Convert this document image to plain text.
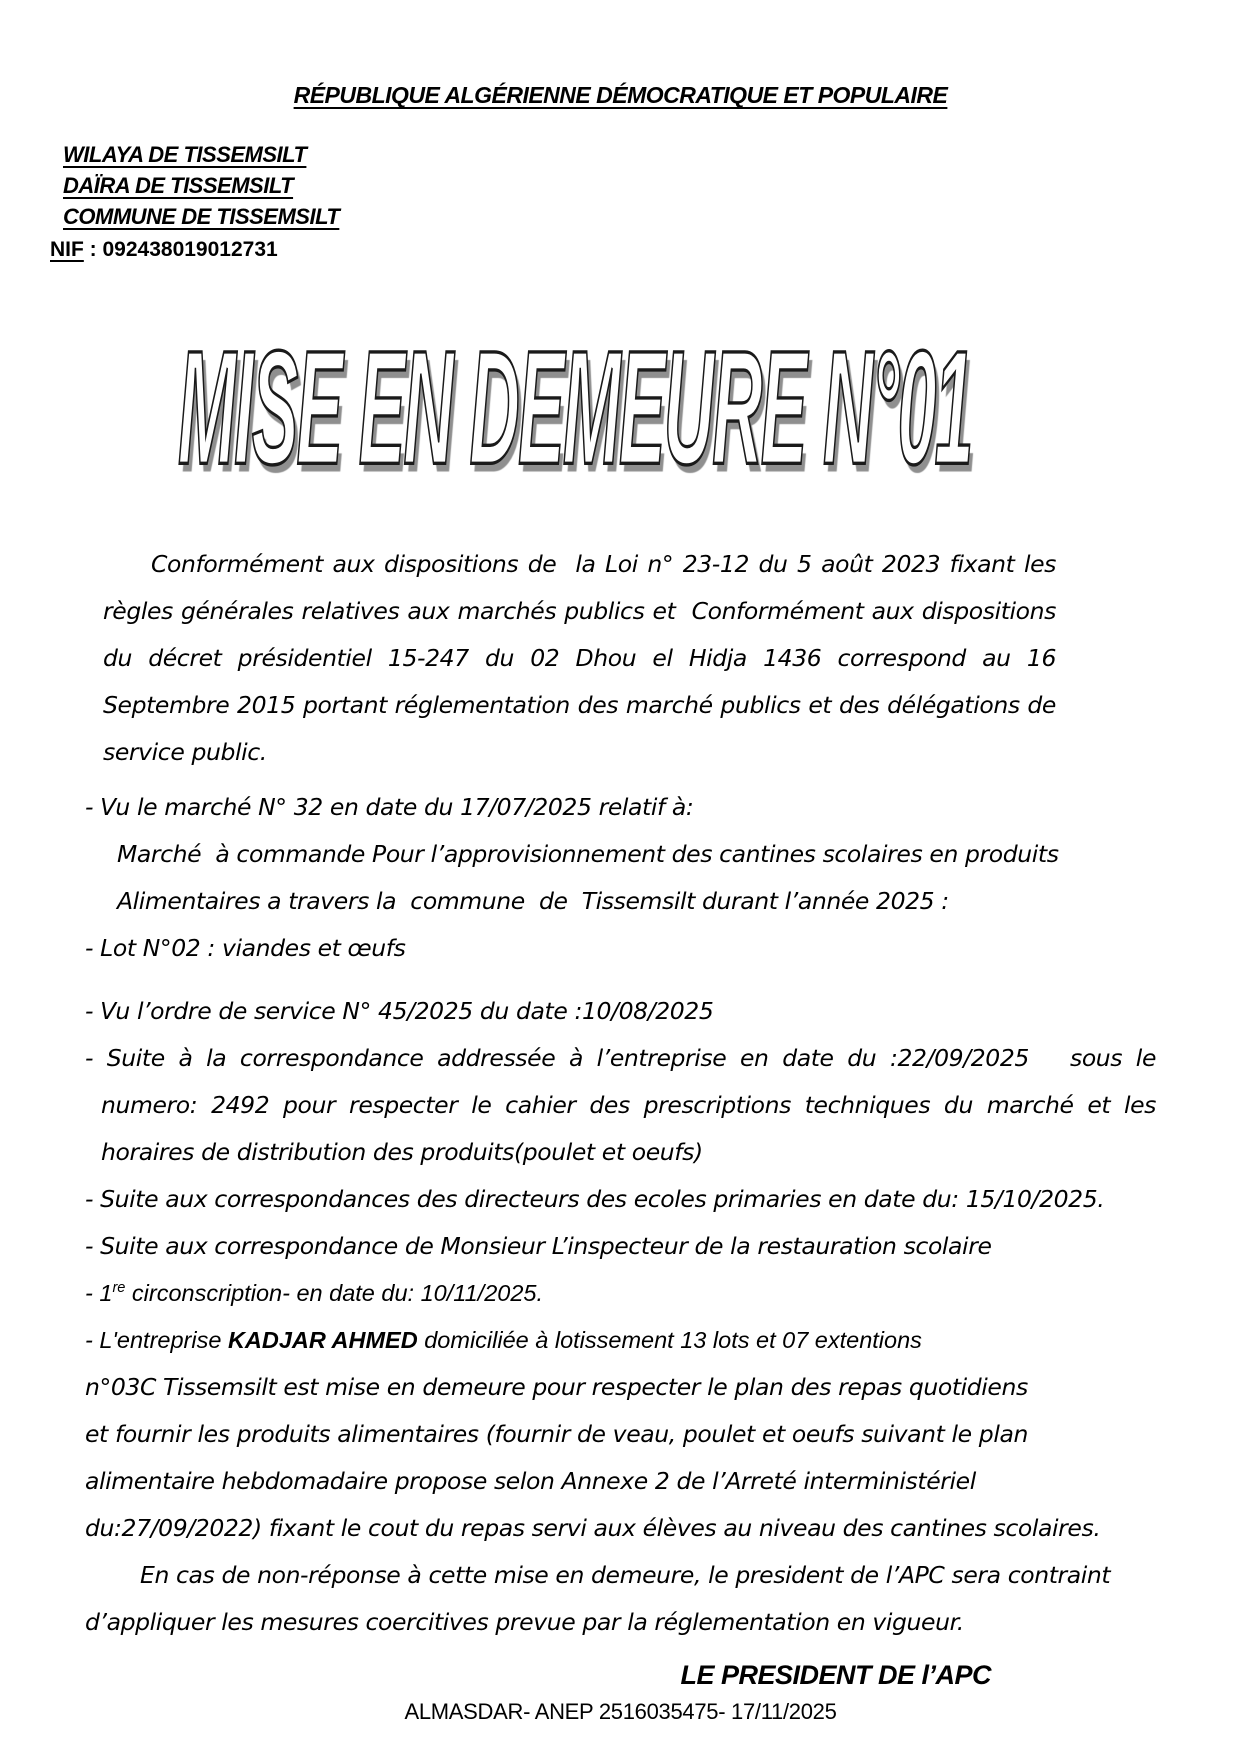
RÉPUBLIQUE ALGÉRIENNE DÉMOCRATIQUE ET POPULAIRE
WILAYA DE TISSEMSILT
DAÏRA DE TISSEMSILT
COMMUNE DE TISSEMSILT
NIF : 092438019012731
MISE EN DEMEURE N°01

Conformément aux dispositions de  la Loi n° 23-12 du 5 août 2023 fixant les règles générales relatives aux marchés publics et  Conformément aux dispositions du décret présidentiel 15-247 du 02 Dhou el Hidja 1436 correspond au 16 Septembre 2015 portant réglementation des marché publics et des délégations de service public.

- Vu le marché N° 32 en date du 17/07/2025 relatif à:
Marché  à commande Pour l’approvisionnement des cantines scolaires en produits
Alimentaires a travers la  commune  de  Tissemsilt durant l’année 2025 :
- Lot N°02 : viandes et œufs
- Vu l’ordre de service N° 45/2025 du date :10/08/2025

- Suite à la correspondance addressée à l’entreprise en date du :22/09/2025   sous le numero: 2492 pour respecter le cahier des prescriptions techniques du marché et les horaires de distribution des produits(poulet et oeufs)

- Suite aux correspondances des directeurs des ecoles primaries en date du: 15/10/2025.
- Suite aux correspondance de Monsieur L’inspecteur de la restauration scolaire
- 1re circonscription- en date du: 10/11/2025.
- L'entreprise KADJAR AHMED domiciliée à lotissement 13 lots et 07 extentions
n°03C Tissemsilt est mise en demeure pour respecter le plan des repas quotidiens
et fournir les produits alimentaires (fournir de veau, poulet et oeufs suivant le plan
alimentaire hebdomadaire propose selon Annexe 2 de l’Arreté interministériel
du:27/09/2022) fixant le cout du repas servi aux élèves au niveau des cantines scolaires.

En cas de non-réponse à cette mise en demeure, le president de l’APC sera contraint d’appliquer les mesures coercitives prevue par la réglementation en vigueur.

LE PRESIDENT DE l’APC
ALMASDAR- ANEP 2516035475- 17/11/2025
